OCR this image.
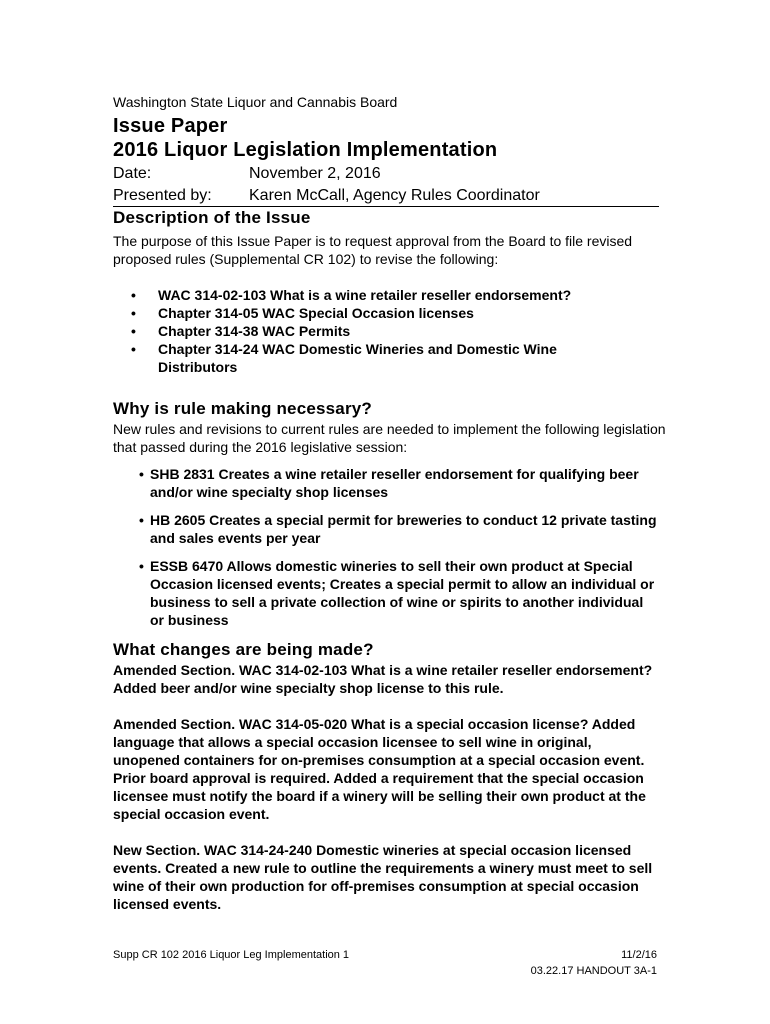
Washington State Liquor and Cannabis Board
Issue Paper
2016 Liquor Legislation Implementation
Date:	November 2, 2016
Presented by: Karen McCall, Agency Rules Coordinator
Description of the Issue
The purpose of this Issue Paper is to request approval from the Board to file revised proposed rules (Supplemental CR 102) to revise the following:
• WAC 314-02-103 What is a wine retailer reseller endorsement?
• Chapter 314-05 WAC Special Occasion licenses
• Chapter 314-38 WAC Permits
• Chapter 314-24 WAC Domestic Wineries and Domestic Wine Distributors
Why is rule making necessary?
New rules and revisions to current rules are needed to implement the following legislation that passed during the 2016 legislative session:
• SHB 2831 Creates a wine retailer reseller endorsement for qualifying beer and/or wine specialty shop licenses
• HB 2605 Creates a special permit for breweries to conduct 12 private tasting and sales events per year
• ESSB 6470 Allows domestic wineries to sell their own product at Special Occasion licensed events; Creates a special permit to allow an individual or business to sell a private collection of wine or spirits to another individual or business
What changes are being made?
Amended Section. WAC 314-02-103 What is a wine retailer reseller endorsement? Added beer and/or wine specialty shop license to this rule.
Amended Section. WAC 314-05-020 What is a special occasion license? Added language that allows a special occasion licensee to sell wine in original, unopened containers for on-premises consumption at a special occasion event. Prior board approval is required. Added a requirement that the special occasion licensee must notify the board if a winery will be selling their own product at the special occasion event.
New Section. WAC 314-24-240 Domestic wineries at special occasion licensed events. Created a new rule to outline the requirements a winery must meet to sell wine of their own production for off-premises consumption at special occasion licensed events.
Supp CR 102 2016 Liquor Leg Implementation 1	11/2/16
03.22.17 HANDOUT 3A-1
